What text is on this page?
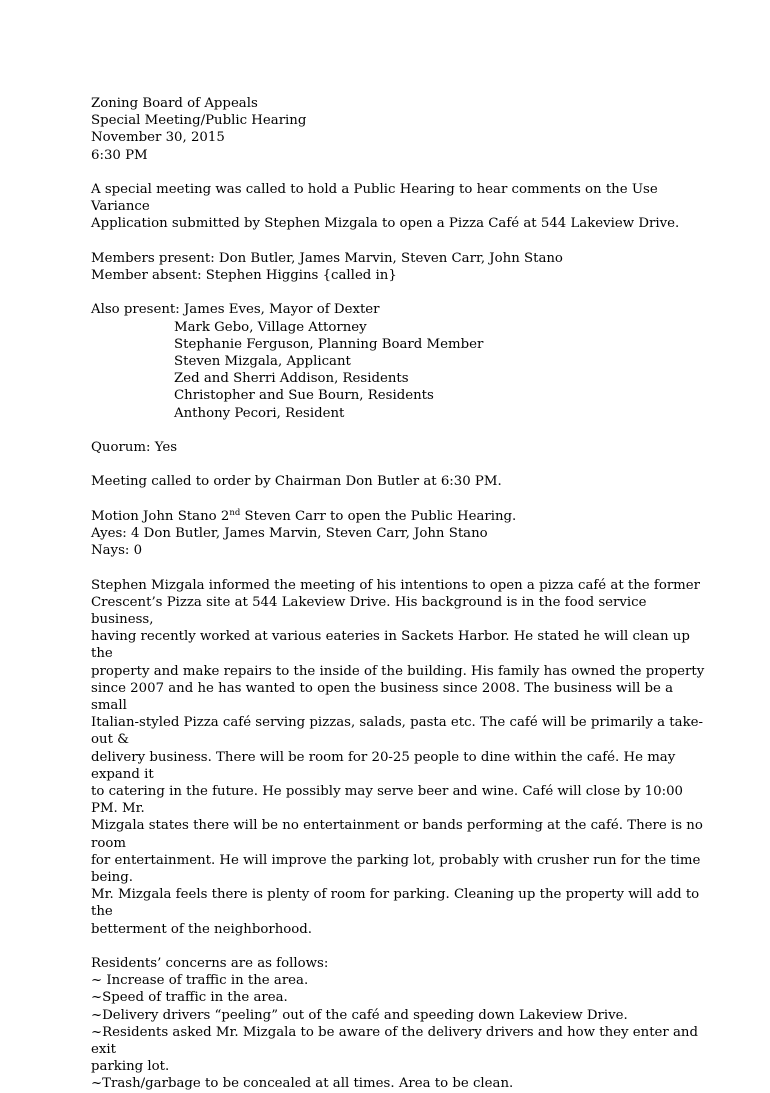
Zoning Board of Appeals

Special Meeting/Public Hearing

November 30, 2015

6:30 PM

A special meeting was called to hold a Public Hearing to hear comments on the Use Variance

Application submitted by Stephen Mizgala to open a Pizza Café at 544 Lakeview Drive.

Members present: Don Butler, James Marvin, Steven Carr, John Stano

Member absent: Stephen Higgins {called in}

Also present: James Eves, Mayor of Dexter

Mark Gebo, Village Attorney

Stephanie Ferguson, Planning Board Member

Steven Mizgala, Applicant

Zed and Sherri Addison, Residents

Christopher and Sue Bourn, Residents

Anthony Pecori, Resident

Quorum: Yes

Meeting called to order by Chairman Don Butler at 6:30 PM.

Motion John Stano 2nd Steven Carr to open the Public Hearing.

Ayes: 4 Don Butler, James Marvin, Steven Carr, John Stano

Nays: 0

Stephen Mizgala informed the meeting of his intentions to open a pizza café at the former

Crescent’s Pizza site at 544 Lakeview Drive. His background is in the food service business,

having recently worked at various eateries in Sackets Harbor. He stated he will clean up the

property and make repairs to the inside of the building. His family has owned the property

since 2007 and he has wanted to open the business since 2008. The business will be a small

Italian-styled Pizza café serving pizzas, salads, pasta etc. The café will be primarily a take-out &

delivery business. There will be room for 20-25 people to dine within the café. He may expand it

to catering in the future. He possibly may serve beer and wine. Café will close by 10:00 PM. Mr.

Mizgala states there will be no entertainment or bands performing at the café. There is no room

for entertainment. He will improve the parking lot, probably with crusher run for the time

being.

Mr. Mizgala feels there is plenty of room for parking. Cleaning up the property will add to the

betterment of the neighborhood.

Residents’ concerns are as follows:

~ Increase of traffic in the area.

~Speed of traffic in the area.

~Delivery drivers “peeling” out of the café and speeding down Lakeview Drive.

~Residents asked Mr. Mizgala to be aware of the delivery drivers and how they enter and exit

parking lot.

~Trash/garbage to be concealed at all times. Area to be clean.
